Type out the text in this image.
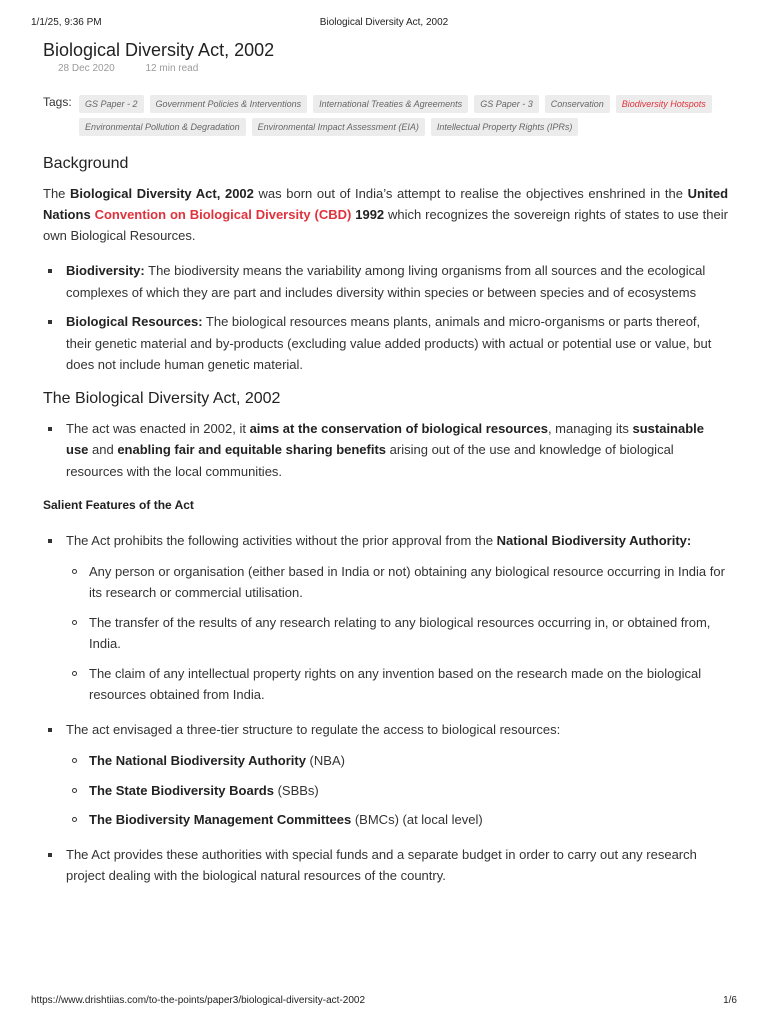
1/1/25, 9:36 PM	Biological Diversity Act, 2002
Biological Diversity Act, 2002
28 Dec 2020	12 min read
Tags:	GS Paper - 2	Government Policies & Interventions	International Treaties & Agreements	GS Paper - 3	Conservation	Biodiversity Hotspots
Environmental Pollution & Degradation	Environmental Impact Assessment (EIA)	Intellectual Property Rights (IPRs)
Background

The Biological Diversity Act, 2002 was born out of India’s attempt to realise the objectives enshrined in the United Nations Convention on Biological Diversity (CBD) 1992 which recognizes the sovereign rights of states to use their own Biological Resources.

Biodiversity: The biodiversity means the variability among living organisms from all sources and the ecological complexes of which they are part and includes diversity within species or between species and of ecosystems
Biological Resources: The biological resources means plants, animals and micro-organisms or parts thereof, their genetic material and by-products (excluding value added products) with actual or potential use or value, but does not include human genetic material.
The Biological Diversity Act, 2002
The act was enacted in 2002, it aims at the conservation of biological resources, managing its sustainable use and enabling fair and equitable sharing benefits arising out of the use and knowledge of biological resources with the local communities.
Salient Features of the Act
The Act prohibits the following activities without the prior approval from the National Biodiversity Authority:
Any person or organisation (either based in India or not) obtaining any biological resource occurring in India for its research or commercial utilisation.
The transfer of the results of any research relating to any biological resources occurring in, or obtained from, India.
The claim of any intellectual property rights on any invention based on the research made on the biological resources obtained from India.
The act envisaged a three-tier structure to regulate the access to biological resources:
The National Biodiversity Authority (NBA)
The State Biodiversity Boards (SBBs)
The Biodiversity Management Committees (BMCs) (at local level)
The Act provides these authorities with special funds and a separate budget in order to carry out any research project dealing with the biological natural resources of the country.
https://www.drishtiias.com/to-the-points/paper3/biological-diversity-act-2002	1/6
